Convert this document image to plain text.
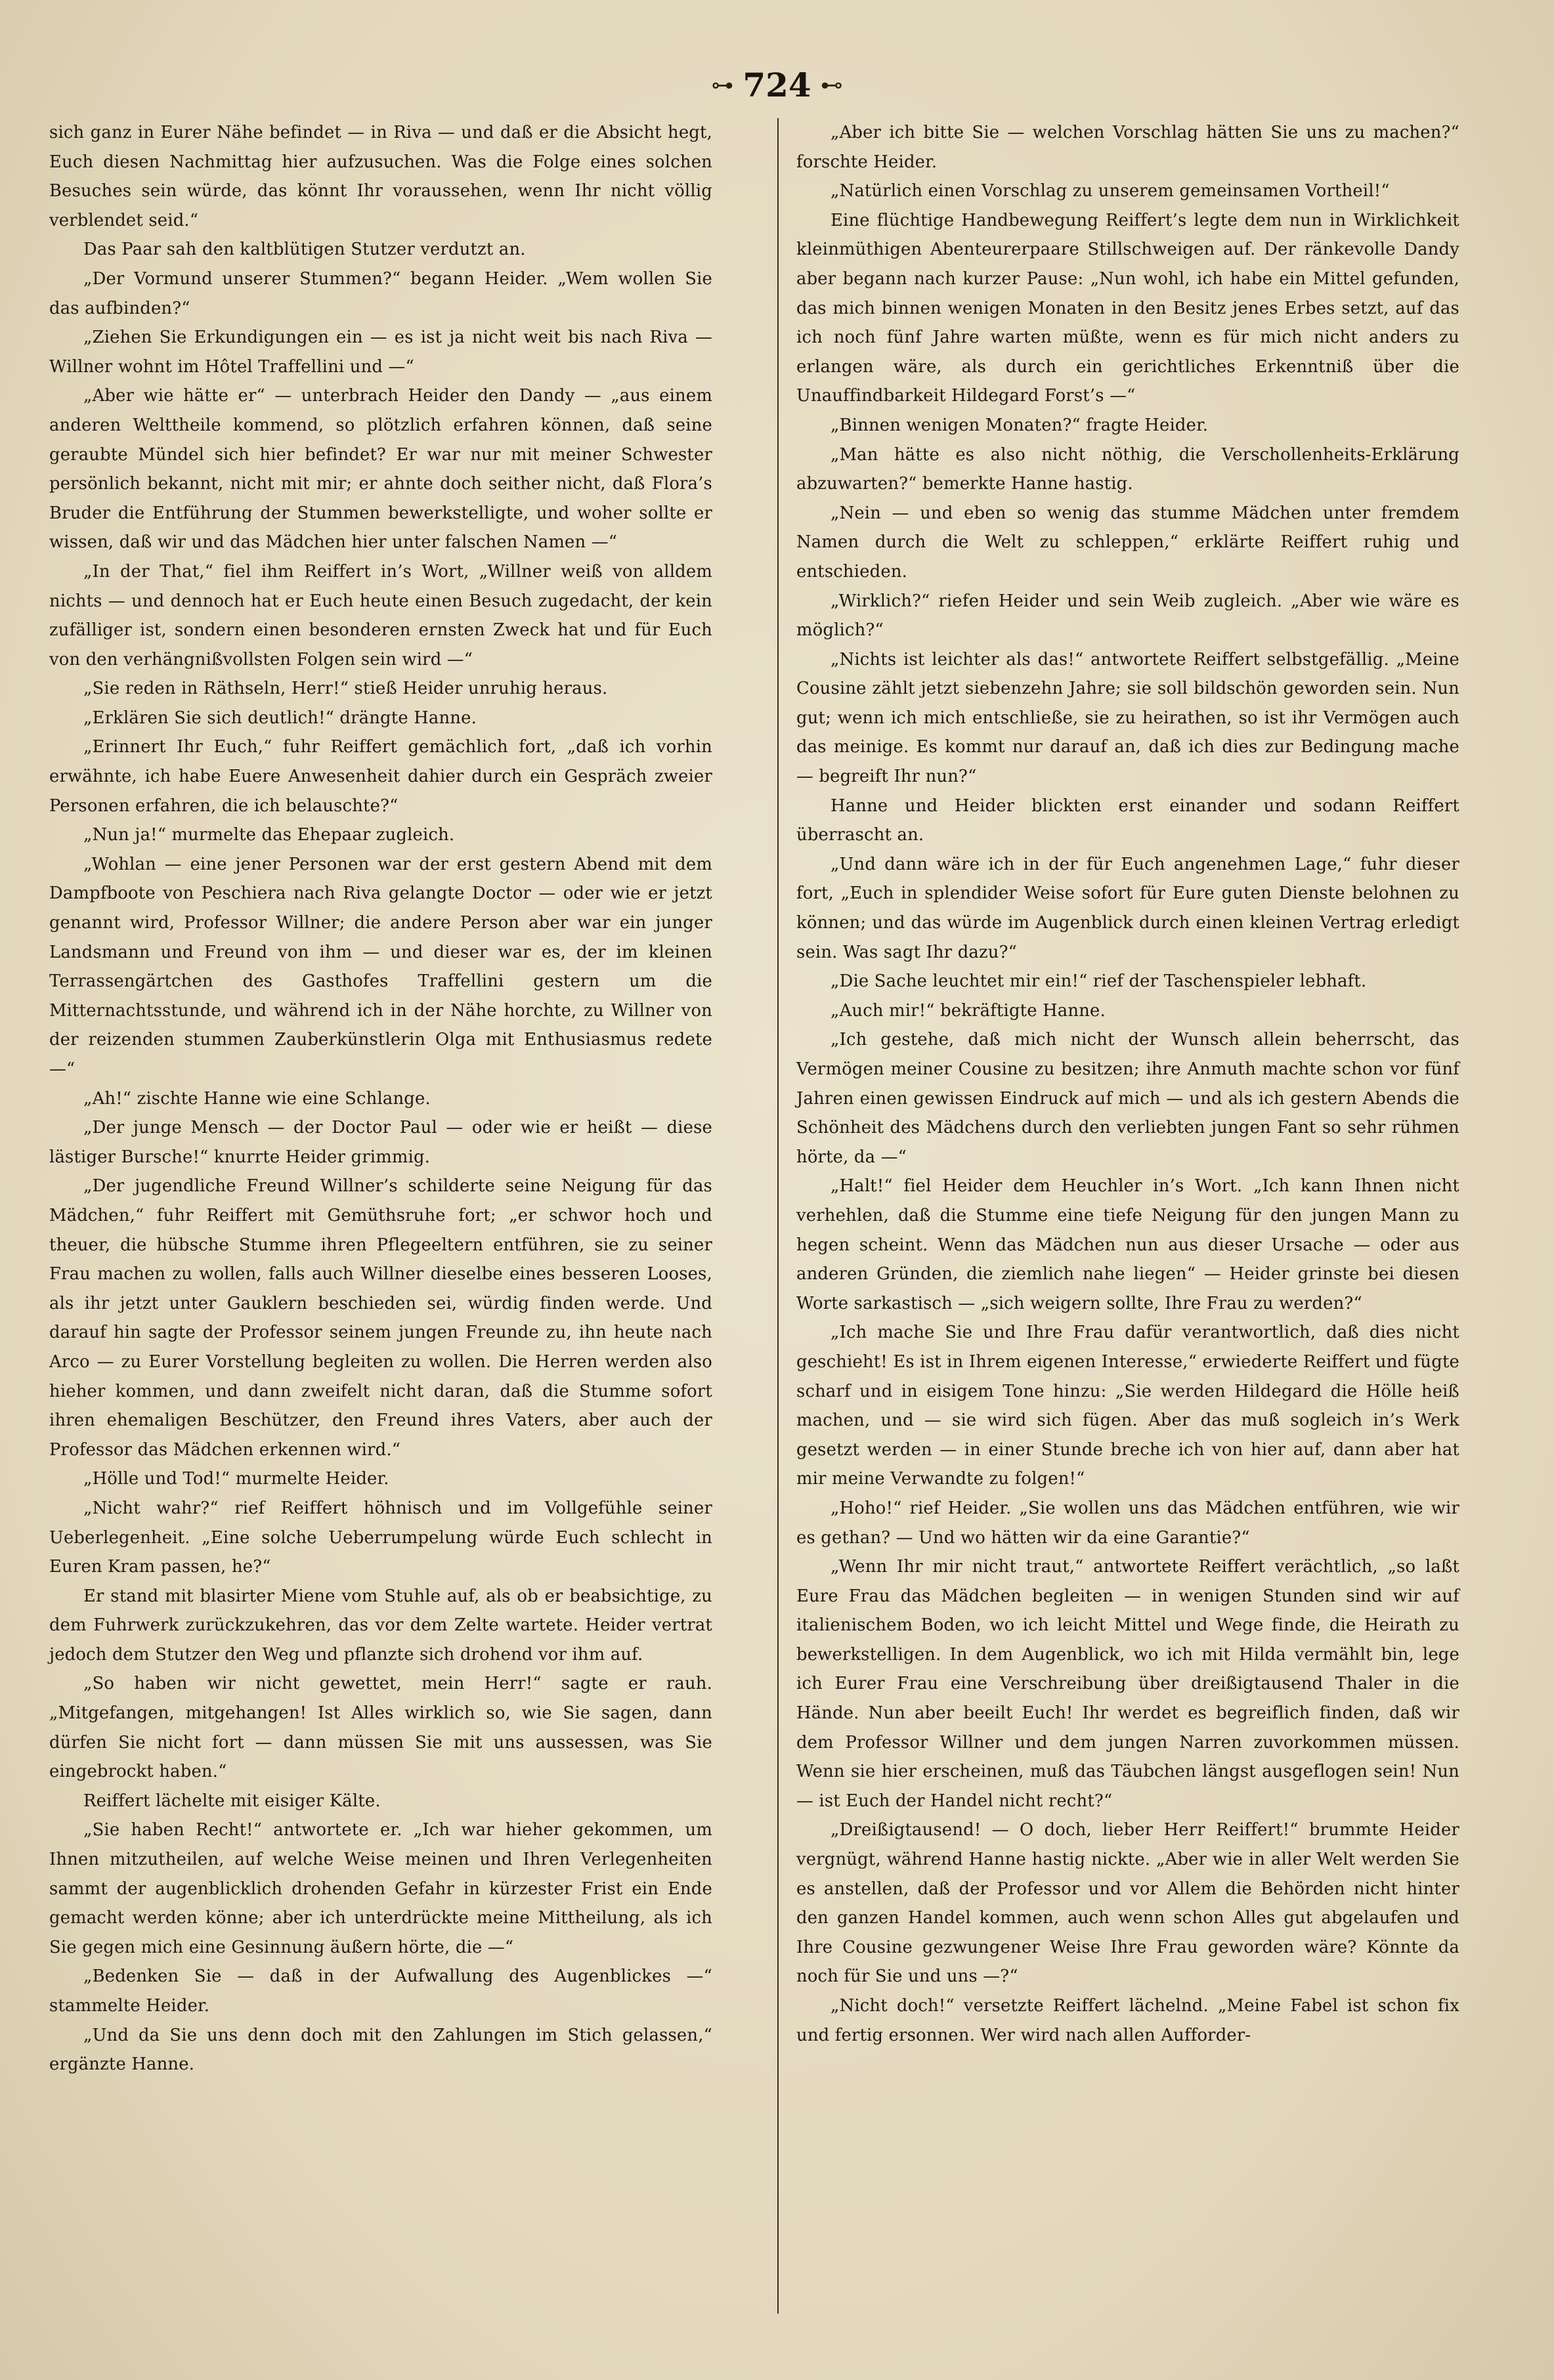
⊶ 724 ⊷

sich ganz in Eurer Nähe befindet — in Riva — und daß er die Absicht hegt, Euch diesen Nachmittag hier aufzusuchen. Was die Folge eines solchen Besuches sein würde, das könnt Ihr voraussehen, wenn Ihr nicht völlig verblendet seid.“

Das Paar sah den kaltblütigen Stutzer verdutzt an.

„Der Vormund unserer Stummen?“ begann Heider. „Wem wollen Sie das aufbinden?“

„Ziehen Sie Erkundigungen ein — es ist ja nicht weit bis nach Riva — Willner wohnt im Hôtel Traffellini und —“

„Aber wie hätte er“ — unterbrach Heider den Dandy — „aus einem anderen Welttheile kommend, so plötzlich erfahren können, daß seine geraubte Mündel sich hier befindet? Er war nur mit meiner Schwester persönlich bekannt, nicht mit mir; er ahnte doch seither nicht, daß Flora’s Bruder die Entführung der Stummen bewerkstelligte, und woher sollte er wissen, daß wir und das Mädchen hier unter falschen Namen —“

„In der That,“ fiel ihm Reiffert in’s Wort, „Willner weiß von alldem nichts — und dennoch hat er Euch heute einen Besuch zugedacht, der kein zufälliger ist, sondern einen besonderen ernsten Zweck hat und für Euch von den verhängnißvollsten Folgen sein wird —“

„Sie reden in Räthseln, Herr!“ stieß Heider unruhig heraus.

„Erklären Sie sich deutlich!“ drängte Hanne.

„Erinnert Ihr Euch,“ fuhr Reiffert gemächlich fort, „daß ich vorhin erwähnte, ich habe Euere Anwesenheit dahier durch ein Gespräch zweier Personen erfahren, die ich belauschte?“

„Nun ja!“ murmelte das Ehepaar zugleich.

„Wohlan — eine jener Personen war der erst gestern Abend mit dem Dampfboote von Peschiera nach Riva gelangte Doctor — oder wie er jetzt genannt wird, Professor Willner; die andere Person aber war ein junger Landsmann und Freund von ihm — und dieser war es, der im kleinen Terrassengärtchen des Gasthofes Traffellini gestern um die Mitternachtsstunde, und während ich in der Nähe horchte, zu Willner von der reizenden stummen Zauberkünstlerin Olga mit Enthusiasmus redete —“

„Ah!“ zischte Hanne wie eine Schlange.

„Der junge Mensch — der Doctor Paul — oder wie er heißt — diese lästiger Bursche!“ knurrte Heider grimmig.

„Der jugendliche Freund Willner’s schilderte seine Neigung für das Mädchen,“ fuhr Reiffert mit Gemüthsruhe fort; „er schwor hoch und theuer, die hübsche Stumme ihren Pflegeeltern entführen, sie zu seiner Frau machen zu wollen, falls auch Willner dieselbe eines besseren Looses, als ihr jetzt unter Gauklern beschieden sei, würdig finden werde. Und darauf hin sagte der Professor seinem jungen Freunde zu, ihn heute nach Arco — zu Eurer Vorstellung begleiten zu wollen. Die Herren werden also hieher kommen, und dann zweifelt nicht daran, daß die Stumme sofort ihren ehemaligen Beschützer, den Freund ihres Vaters, aber auch der Professor das Mädchen erkennen wird.“

„Hölle und Tod!“ murmelte Heider.

„Nicht wahr?“ rief Reiffert höhnisch und im Vollgefühle seiner Ueberlegenheit. „Eine solche Ueberrumpelung würde Euch schlecht in Euren Kram passen, he?“

Er stand mit blasirter Miene vom Stuhle auf, als ob er beabsichtige, zu dem Fuhrwerk zurückzukehren, das vor dem Zelte wartete. Heider vertrat jedoch dem Stutzer den Weg und pflanzte sich drohend vor ihm auf.

„So haben wir nicht gewettet, mein Herr!“ sagte er rauh. „Mitgefangen, mitgehangen! Ist Alles wirklich so, wie Sie sagen, dann dürfen Sie nicht fort — dann müssen Sie mit uns aussessen, was Sie eingebrockt haben.“

Reiffert lächelte mit eisiger Kälte.

„Sie haben Recht!“ antwortete er. „Ich war hieher gekommen, um Ihnen mitzutheilen, auf welche Weise meinen und Ihren Verlegenheiten sammt der augenblicklich drohenden Gefahr in kürzester Frist ein Ende gemacht werden könne; aber ich unterdrückte meine Mittheilung, als ich Sie gegen mich eine Gesinnung äußern hörte, die —“

„Bedenken Sie — daß in der Aufwallung des Augenblickes —“ stammelte Heider.

„Und da Sie uns denn doch mit den Zahlungen im Stich gelassen,“ ergänzte Hanne.

„Aber ich bitte Sie — welchen Vorschlag hätten Sie uns zu machen?“ forschte Heider.

„Natürlich einen Vorschlag zu unserem gemeinsamen Vortheil!“

Eine flüchtige Handbewegung Reiffert’s legte dem nun in Wirklichkeit kleinmüthigen Abenteurerpaare Stillschweigen auf. Der ränkevolle Dandy aber begann nach kurzer Pause: „Nun wohl, ich habe ein Mittel gefunden, das mich binnen wenigen Monaten in den Besitz jenes Erbes setzt, auf das ich noch fünf Jahre warten müßte, wenn es für mich nicht anders zu erlangen wäre, als durch ein gerichtliches Erkenntniß über die Unauffindbarkeit Hildegard Forst’s —“

„Binnen wenigen Monaten?“ fragte Heider.

„Man hätte es also nicht nöthig, die Verschollenheits-Erklärung abzuwarten?“ bemerkte Hanne hastig.

„Nein — und eben so wenig das stumme Mädchen unter fremdem Namen durch die Welt zu schleppen,“ erklärte Reiffert ruhig und entschieden.

„Wirklich?“ riefen Heider und sein Weib zugleich. „Aber wie wäre es möglich?“

„Nichts ist leichter als das!“ antwortete Reiffert selbstgefällig. „Meine Cousine zählt jetzt siebenzehn Jahre; sie soll bildschön geworden sein. Nun gut; wenn ich mich entschließe, sie zu heirathen, so ist ihr Vermögen auch das meinige. Es kommt nur darauf an, daß ich dies zur Bedingung mache — begreift Ihr nun?“

Hanne und Heider blickten erst einander und sodann Reiffert überrascht an.

„Und dann wäre ich in der für Euch angenehmen Lage,“ fuhr dieser fort, „Euch in splendider Weise sofort für Eure guten Dienste belohnen zu können; und das würde im Augenblick durch einen kleinen Vertrag erledigt sein. Was sagt Ihr dazu?“

„Die Sache leuchtet mir ein!“ rief der Taschenspieler lebhaft.

„Auch mir!“ bekräftigte Hanne.

„Ich gestehe, daß mich nicht der Wunsch allein beherrscht, das Vermögen meiner Cousine zu besitzen; ihre Anmuth machte schon vor fünf Jahren einen gewissen Eindruck auf mich — und als ich gestern Abends die Schönheit des Mädchens durch den verliebten jungen Fant so sehr rühmen hörte, da —“

„Halt!“ fiel Heider dem Heuchler in’s Wort. „Ich kann Ihnen nicht verhehlen, daß die Stumme eine tiefe Neigung für den jungen Mann zu hegen scheint. Wenn das Mädchen nun aus dieser Ursache — oder aus anderen Gründen, die ziemlich nahe liegen“ — Heider grinste bei diesen Worte sarkastisch — „sich weigern sollte, Ihre Frau zu werden?“

„Ich mache Sie und Ihre Frau dafür verantwortlich, daß dies nicht geschieht! Es ist in Ihrem eigenen Interesse,“ erwiederte Reiffert und fügte scharf und in eisigem Tone hinzu: „Sie werden Hildegard die Hölle heiß machen, und — sie wird sich fügen. Aber das muß sogleich in’s Werk gesetzt werden — in einer Stunde breche ich von hier auf, dann aber hat mir meine Verwandte zu folgen!“

„Hoho!“ rief Heider. „Sie wollen uns das Mädchen entführen, wie wir es gethan? — Und wo hätten wir da eine Garantie?“

„Wenn Ihr mir nicht traut,“ antwortete Reiffert verächtlich, „so laßt Eure Frau das Mädchen begleiten — in wenigen Stunden sind wir auf italienischem Boden, wo ich leicht Mittel und Wege finde, die Heirath zu bewerkstelligen. In dem Augenblick, wo ich mit Hilda vermählt bin, lege ich Eurer Frau eine Verschreibung über dreißigtausend Thaler in die Hände. Nun aber beeilt Euch! Ihr werdet es begreiflich finden, daß wir dem Professor Willner und dem jungen Narren zuvorkommen müssen. Wenn sie hier erscheinen, muß das Täubchen längst ausgeflogen sein! Nun — ist Euch der Handel nicht recht?“

„Dreißigtausend! — O doch, lieber Herr Reiffert!“ brummte Heider vergnügt, während Hanne hastig nickte. „Aber wie in aller Welt werden Sie es anstellen, daß der Professor und vor Allem die Behörden nicht hinter den ganzen Handel kommen, auch wenn schon Alles gut abgelaufen und Ihre Cousine gezwungener Weise Ihre Frau geworden wäre? Könnte da noch für Sie und uns —?“

„Nicht doch!“ versetzte Reiffert lächelnd. „Meine Fabel ist schon fix und fertig ersonnen. Wer wird nach allen Aufforder-
